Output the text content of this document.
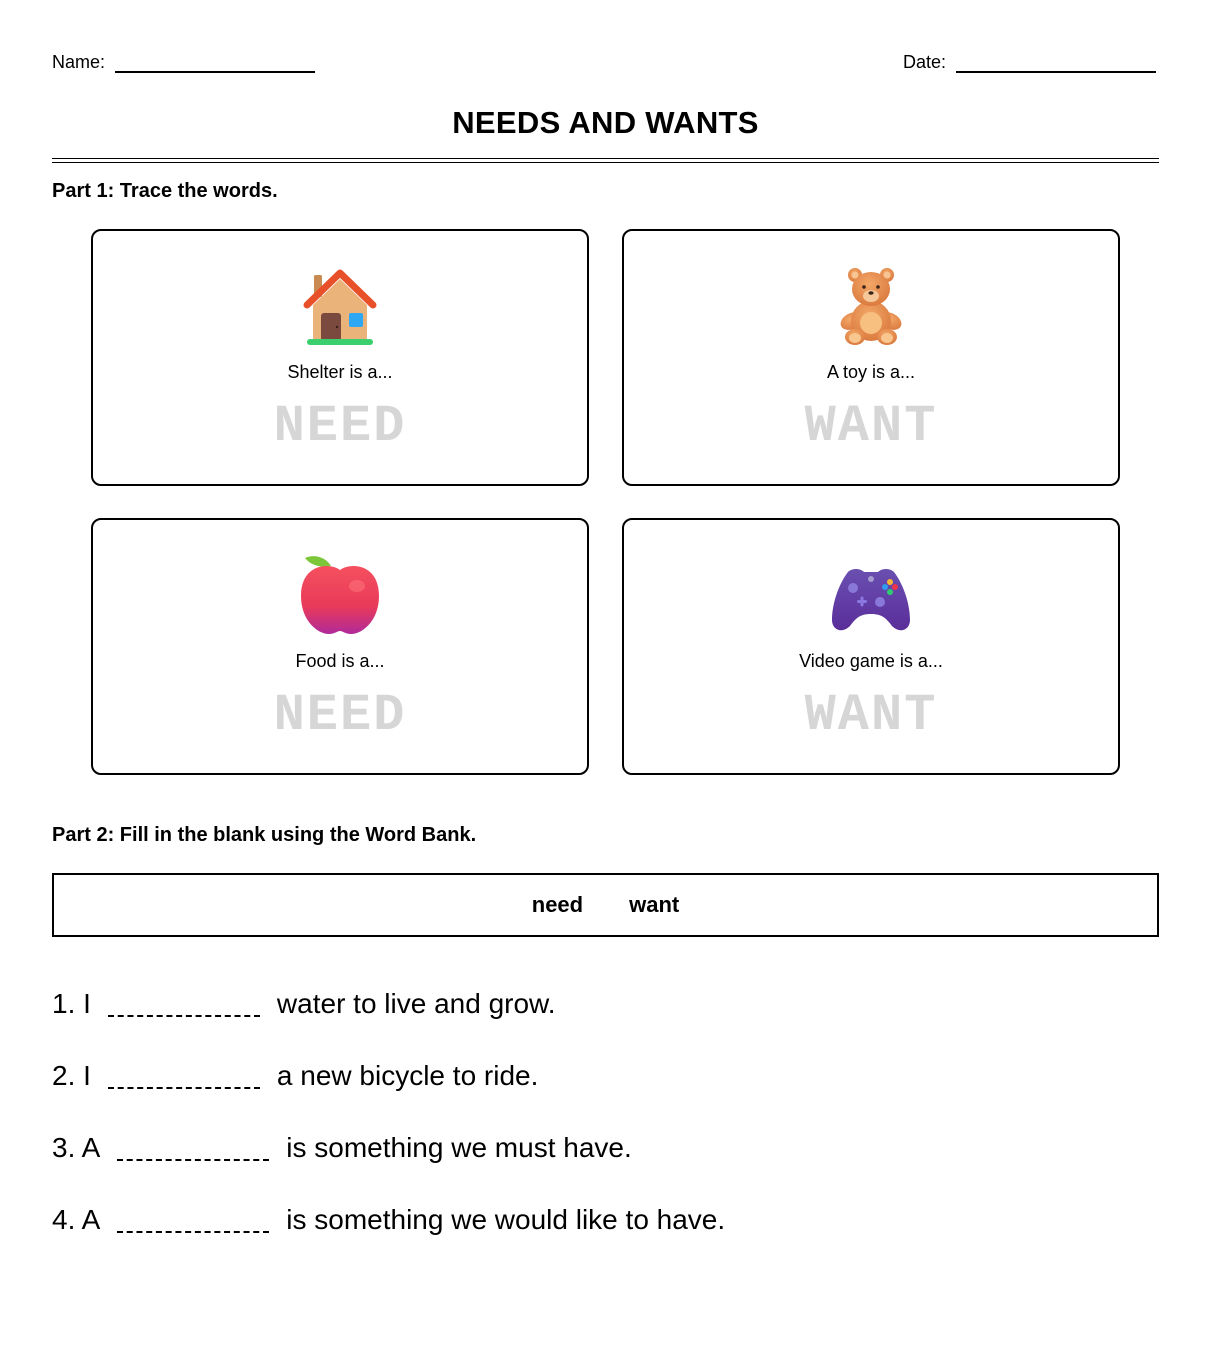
Name:	Date:
NEEDS AND WANTS
Part 1: Trace the words.
Shelter is a...
NEED
A toy is a...
WANT
Food is a...
NEED
Video game is a...
WANT
Part 2: Fill in the blank using the Word Bank.
need want
1. I	water to live and grow.
2. I	a new bicycle to ride.
3. A	is something we must have.
4. A	is something we would like to have.
